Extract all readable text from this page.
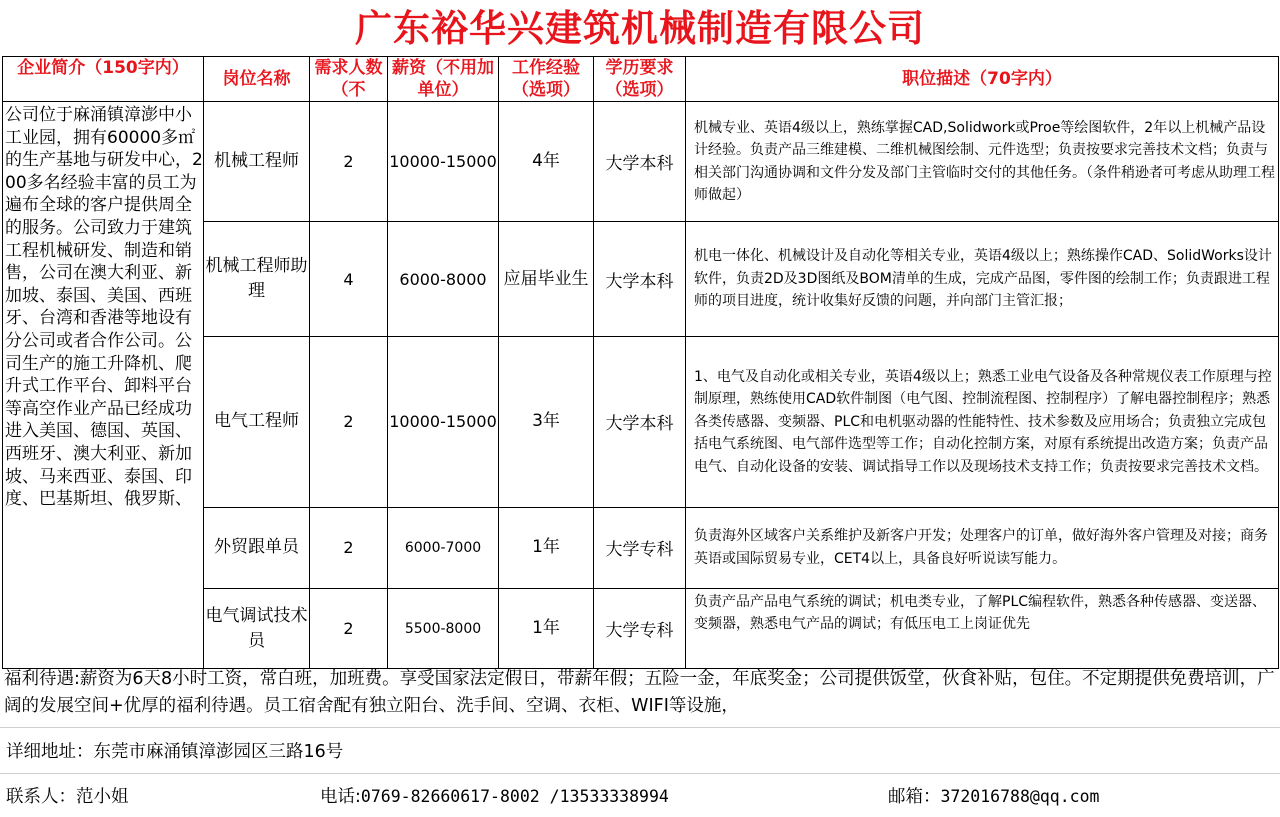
广东裕华兴建筑机械制造有限公司
企业简介（150字内）	岗位名称	需求人数（不	薪资（不用加单位）	工作经验（选项）	学历要求（选项）	职位描述（70字内）

公司位于麻涌镇漳澎中小工业园，拥有60000多㎡的生产基地与研发中心，200多名经验丰富的员工为遍布全球的客户提供周全的服务。公司致力于建筑工程机械研发、制造和销售，公司在澳大利亚、新加坡、泰国、美国、西班牙、台湾和香港等地设有分公司或者合作公司。公司生产的施工升降机、爬升式工作平台、卸料平台等高空作业产品已经成功进入美国、德国、英国、西班牙、澳大利亚、新加坡、马来西亚、泰国、印度、巴基斯坦、俄罗斯、	机械工程师	2	10000-15000	4年	大学本科	机械专业、英语4级以上，熟练掌握CAD,Solidwork或Proe等绘图软件，2年以上机械产品设计经验。负责产品三维建模、二维机械图绘制、元件选型；负责按要求完善技术文档；负责与相关部门沟通协调和文件分发及部门主管临时交付的其他任务。（条件稍逊者可考虑从助理工程师做起）
	机械工程师助理	4	6000-8000	应届毕业生	大学本科	机电一体化、机械设计及自动化等相关专业，英语4级以上；熟练操作CAD、SolidWorks设计软件，负责2D及3D图纸及BOM清单的生成，完成产品图，零件图的绘制工作；负责跟进工程师的项目进度，统计收集好反馈的问题，并向部门主管汇报；
	电气工程师	2	10000-15000	3年	大学本科	1、电气及自动化或相关专业，英语4级以上；熟悉工业电气设备及各种常规仪表工作原理与控制原理，熟练使用CAD软件制图（电气图、控制流程图、控制程序）了解电器控制程序；熟悉各类传感器、变频器、PLC和电机驱动器的性能特性、技术参数及应用场合；负责独立完成包括电气系统图、电气部件选型等工作；自动化控制方案，对原有系统提出改造方案；负责产品电气、自动化设备的安装、调试指导工作以及现场技术支持工作；负责按要求完善技术文档。
	外贸跟单员	2	6000-7000	1年	大学专科	负责海外区域客户关系维护及新客户开发；处理客户的订单，做好海外客户管理及对接；商务英语或国际贸易专业，CET4以上，具备良好听说读写能力。
	电气调试技术员	2	5500-8000	1年	大学专科	负责产品产品电气系统的调试；机电类专业，了解PLC编程软件，熟悉各种传感器、变送器、变频器，熟悉电气产品的调试；有低压电工上岗证优先
福利待遇:薪资为6天8小时工资，常白班，加班费。享受国家法定假日，带薪年假；五险一金，年底奖金；公司提供饭堂，伙食补贴，包住。不定期提供免费培训，广阔的发展空间+优厚的福利待遇。员工宿舍配有独立阳台、洗手间、空调、衣柜、WIFI等设施，
详细地址：东莞市麻涌镇漳澎园区三路16号
联系人：范小姐	电话:0769-82660617-8002 /13533338994	邮箱：372016788@qq.com
